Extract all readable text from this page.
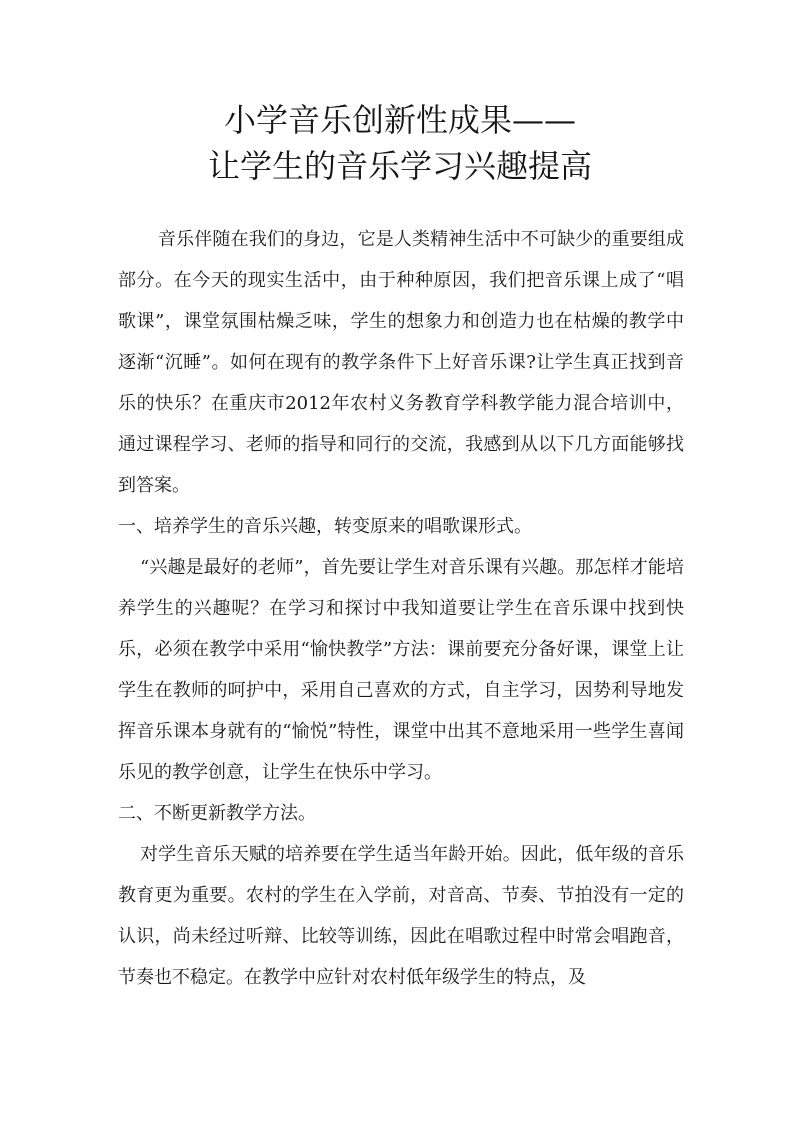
小学音乐创新性成果——
让学生的音乐学习兴趣提高

音乐伴随在我们的身边，它是人类精神生活中不可缺少的重要组成部分。在今天的现实生活中，由于种种原因，我们把音乐课上成了“唱歌课”，课堂氛围枯燥乏味，学生的想象力和创造力也在枯燥的教学中逐渐“沉睡”。如何在现有的教学条件下上好音乐课?让学生真正找到音乐的快乐？在重庆市2012年农村义务教育学科教学能力混合培训中，通过课程学习、老师的指导和同行的交流，我感到从以下几方面能够找到答案。

一、培养学生的音乐兴趣，转变原来的唱歌课形式。

“兴趣是最好的老师”，首先要让学生对音乐课有兴趣。那怎样才能培养学生的兴趣呢？在学习和探讨中我知道要让学生在音乐课中找到快乐，必须在教学中采用“愉快教学”方法：课前要充分备好课，课堂上让学生在教师的呵护中，采用自己喜欢的方式，自主学习，因势利导地发挥音乐课本身就有的“愉悦”特性，课堂中出其不意地采用一些学生喜闻乐见的教学创意，让学生在快乐中学习。

二、不断更新教学方法。

对学生音乐天赋的培养要在学生适当年龄开始。因此，低年级的音乐教育更为重要。农村的学生在入学前，对音高、节奏、节拍没有一定的认识，尚未经过听辩、比较等训练，因此在唱歌过程中时常会唱跑音，节奏也不稳定。在教学中应针对农村低年级学生的特点，及
